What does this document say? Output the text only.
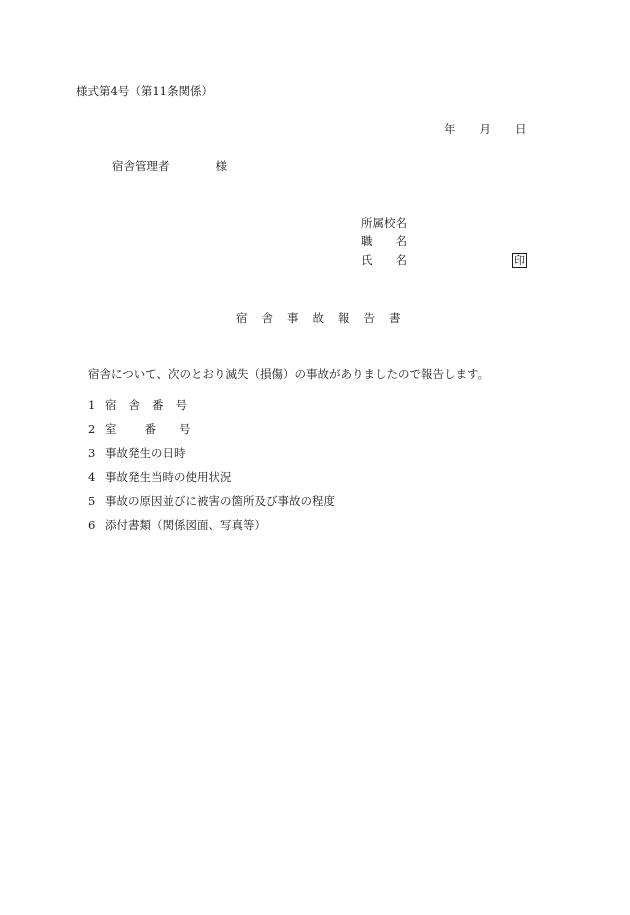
様式第4号（第11条関係）
年 月 日
宿舎管理者	様
所属校名
職 名
氏 名	印
宿 舎 事 故 報 告 書
宿舎について、次のとおり滅失（損傷）の事故がありましたので報告します。
1 宿 舎 番 号
2 室 番 号
3 事故発生の日時
4 事故発生当時の使用状況
5 事故の原因並びに被害の箇所及び事故の程度
6 添付書類（関係図面、写真等）
